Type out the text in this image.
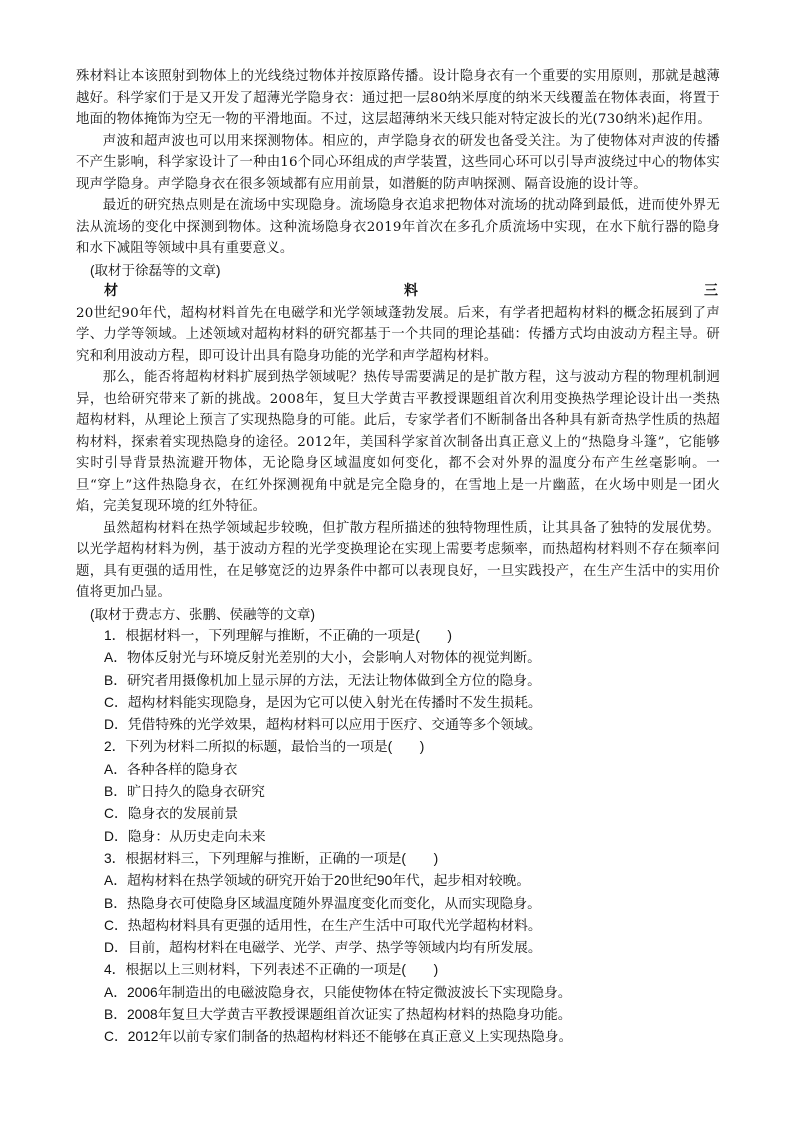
殊材料让本该照射到物体上的光线绕过物体并按原路传播。设计隐身衣有一个重要的实用原则，那就是越薄越好。科学家们于是又开发了超薄光学隐身衣：通过把一层80纳米厚度的纳米天线覆盖在物体表面，将置于地面的物体掩饰为空无一物的平滑地面。不过，这层超薄纳米天线只能对特定波长的光(730纳米)起作用。

声波和超声波也可以用来探测物体。相应的，声学隐身衣的研发也备受关注。为了使物体对声波的传播不产生影响，科学家设计了一种由16个同心环组成的声学装置，这些同心环可以引导声波绕过中心的物体实现声学隐身。声学隐身衣在很多领域都有应用前景，如潜艇的防声呐探测、隔音设施的设计等。

最近的研究热点则是在流场中实现隐身。流场隐身衣追求把物体对流场的扰动降到最低，进而使外界无法从流场的变化中探测到物体。这种流场隐身衣2019年首次在多孔介质流场中实现，在水下航行器的隐身和水下减阻等领域中具有重要意义。

(取材于徐磊等的文章)

材	料	三

20世纪90年代，超构材料首先在电磁学和光学领域蓬勃发展。后来，有学者把超构材料的概念拓展到了声学、力学等领域。上述领域对超构材料的研究都基于一个共同的理论基础：传播方式均由波动方程主导。研究和利用波动方程，即可设计出具有隐身功能的光学和声学超构材料。

那么，能否将超构材料扩展到热学领域呢？热传导需要满足的是扩散方程，这与波动方程的物理机制迥异，也给研究带来了新的挑战。2008年，复旦大学黄吉平教授课题组首次利用变换热学理论设计出一类热超构材料，从理论上预言了实现热隐身的可能。此后，专家学者们不断制备出各种具有新奇热学性质的热超构材料，探索着实现热隐身的途径。2012年，美国科学家首次制备出真正意义上的“热隐身斗篷”，它能够实时引导背景热流避开物体，无论隐身区域温度如何变化，都不会对外界的温度分布产生丝毫影响。一旦“穿上”这件热隐身衣，在红外探测视角中就是完全隐身的，在雪地上是一片幽蓝，在火场中则是一团火焰，完美复现环境的红外特征。

虽然超构材料在热学领域起步较晚，但扩散方程所描述的独特物理性质，让其具备了独特的发展优势。以光学超构材料为例，基于波动方程的光学变换理论在实现上需要考虑频率，而热超构材料则不存在频率问题，具有更强的适用性，在足够宽泛的边界条件中都可以表现良好，一旦实践投产，在生产生活中的实用价值将更加凸显。

(取材于费志方、张鹏、侯融等的文章)

1．根据材料一，下列理解与推断，不正确的一项是(　　)

A．物体反射光与环境反射光差别的大小，会影响人对物体的视觉判断。

B．研究者用摄像机加上显示屏的方法，无法让物体做到全方位的隐身。

C．超构材料能实现隐身，是因为它可以使入射光在传播时不发生损耗。

D．凭借特殊的光学效果，超构材料可以应用于医疗、交通等多个领域。

2．下列为材料二所拟的标题，最恰当的一项是(　　)

A．各种各样的隐身衣

B．旷日持久的隐身衣研究

C．隐身衣的发展前景

D．隐身：从历史走向未来

3．根据材料三，下列理解与推断，正确的一项是(　　)

A．超构材料在热学领域的研究开始于20世纪90年代，起步相对较晚。

B．热隐身衣可使隐身区域温度随外界温度变化而变化，从而实现隐身。

C．热超构材料具有更强的适用性，在生产生活中可取代光学超构材料。

D．目前，超构材料在电磁学、光学、声学、热学等领域内均有所发展。

4．根据以上三则材料，下列表述不正确的一项是(　　)

A．2006年制造出的电磁波隐身衣，只能使物体在特定微波波长下实现隐身。

B．2008年复旦大学黄吉平教授课题组首次证实了热超构材料的热隐身功能。

C．2012年以前专家们制备的热超构材料还不能够在真正意义上实现热隐身。
